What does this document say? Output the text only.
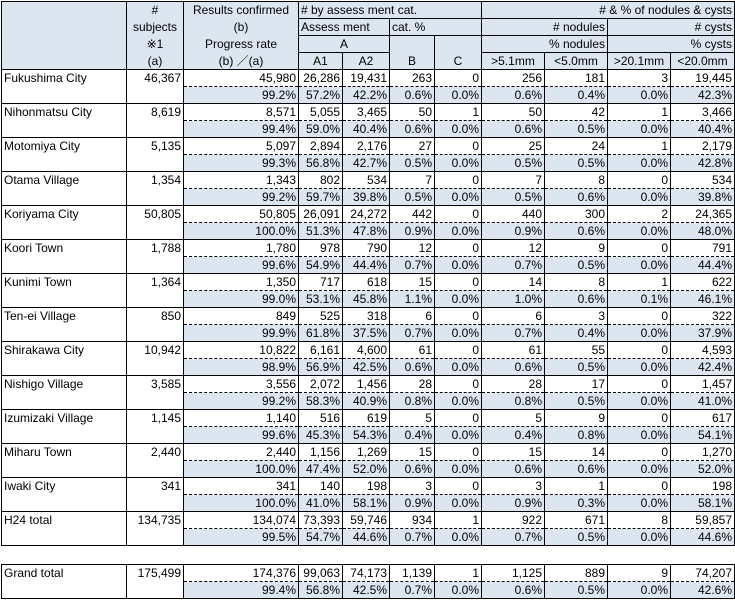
	#	Results confirmed	# by assess ment cat.				# & % of nodules & cysts			
	subjects	(b)	Assess ment		cat. %		# nodules		# cysts	
	※1	Progress rate	A				% nodules		% cysts	
	(a)	(b) ／(a)	A1	A2	B	C	>5.1mm	<5.0mm	>20.1mm	<20.0mm
Fukushima City	46,367	45,980	26,286	19,431	263	0	256	181	3	19,445
		99.2%	57.2%	42.2%	0.6%	0.0%	0.6%	0.4%	0.0%	42.3%
Nihonmatsu City	8,619	8,571	5,055	3,465	50	1	50	42	1	3,466
		99.4%	59.0%	40.4%	0.6%	0.0%	0.6%	0.5%	0.0%	40.4%
Motomiya City	5,135	5,097	2,894	2,176	27	0	25	24	1	2,179
		99.3%	56.8%	42.7%	0.5%	0.0%	0.5%	0.5%	0.0%	42.8%
Otama Village	1,354	1,343	802	534	7	0	7	8	0	534
		99.2%	59.7%	39.8%	0.5%	0.0%	0.5%	0.6%	0.0%	39.8%
Koriyama City	50,805	50,805	26,091	24,272	442	0	440	300	2	24,365
		100.0%	51.3%	47.8%	0.9%	0.0%	0.9%	0.6%	0.0%	48.0%
Koori Town	1,788	1,780	978	790	12	0	12	9	0	791
		99.6%	54.9%	44.4%	0.7%	0.0%	0.7%	0.5%	0.0%	44.4%
Kunimi Town	1,364	1,350	717	618	15	0	14	8	1	622
		99.0%	53.1%	45.8%	1.1%	0.0%	1.0%	0.6%	0.1%	46.1%
Ten-ei Village	850	849	525	318	6	0	6	3	0	322
		99.9%	61.8%	37.5%	0.7%	0.0%	0.7%	0.4%	0.0%	37.9%
Shirakawa City	10,942	10,822	6,161	4,600	61	0	61	55	0	4,593
		98.9%	56.9%	42.5%	0.6%	0.0%	0.6%	0.5%	0.0%	42.4%
Nishigo Village	3,585	3,556	2,072	1,456	28	0	28	17	0	1,457
		99.2%	58.3%	40.9%	0.8%	0.0%	0.8%	0.5%	0.0%	41.0%
Izumizaki Village	1,145	1,140	516	619	5	0	5	9	0	617
		99.6%	45.3%	54.3%	0.4%	0.0%	0.4%	0.8%	0.0%	54.1%
Miharu Town	2,440	2,440	1,156	1,269	15	0	15	14	0	1,270
		100.0%	47.4%	52.0%	0.6%	0.0%	0.6%	0.6%	0.0%	52.0%
Iwaki City	341	341	140	198	3	0	3	1	0	198
		100.0%	41.0%	58.1%	0.9%	0.0%	0.9%	0.3%	0.0%	58.1%
H24 total	134,735	134,074	73,393	59,746	934	1	922	671	8	59,857
		99.5%	54.7%	44.6%	0.7%	0.0%	0.7%	0.5%	0.0%	44.6%

Grand total	175,499	174,376	99,063	74,173	1,139	1	1,125	889	9	74,207
		99.4%	56.8%	42.5%	0.7%	0.0%	0.6%	0.5%	0.0%	42.6%
